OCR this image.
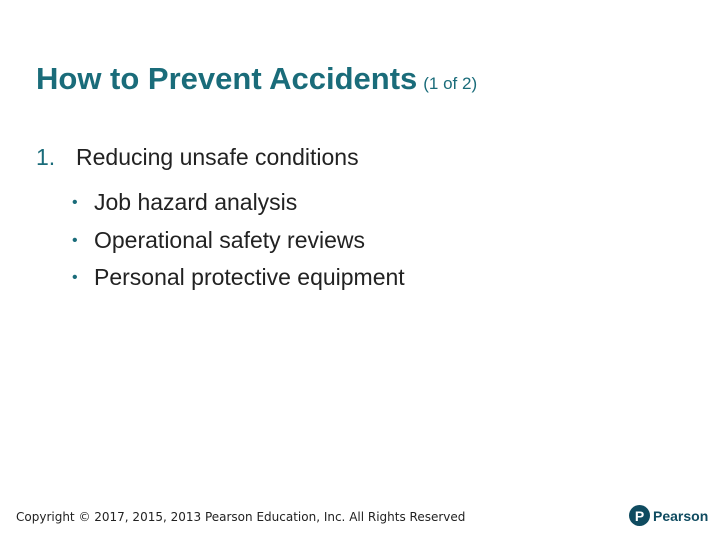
How to Prevent Accidents (1 of 2)
1. Reducing unsafe conditions
• Job hazard analysis
• Operational safety reviews
• Personal protective equipment
Copyright © 2017, 2015, 2013 Pearson Education, Inc. All Rights Reserved	P Pearson
